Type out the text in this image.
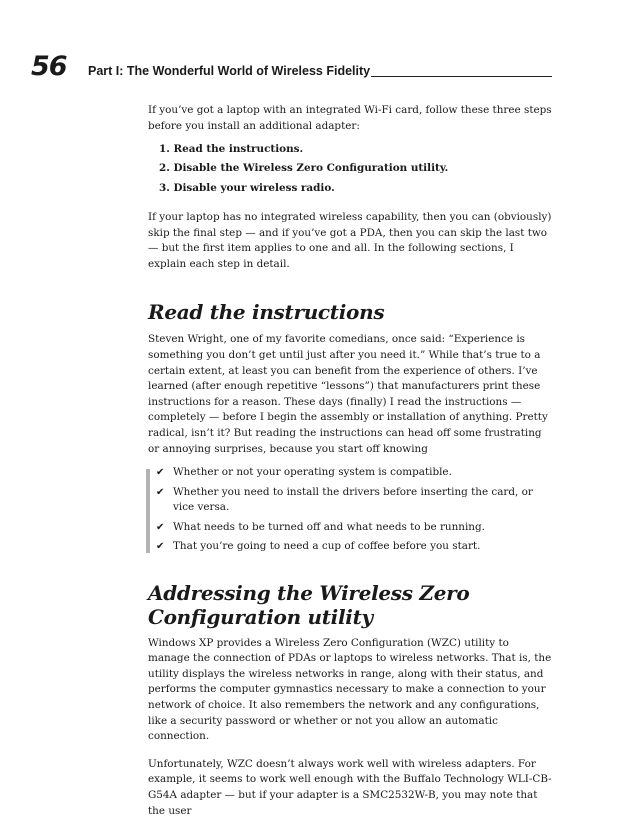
56 Part I: The Wonderful World of Wireless Fidelity

If you’ve got a laptop with an integrated Wi-Fi card, follow these three steps before you install an additional adapter:

1. Read the instructions.
2. Disable the Wireless Zero Configuration utility.
3. Disable your wireless radio.

If your laptop has no integrated wireless capability, then you can (obviously) skip the final step — and if you’ve got a PDA, then you can skip the last two — but the first item applies to one and all. In the following sections, I explain each step in detail.

Read the instructions

Steven Wright, one of my favorite comedians, once said: “Experience is something you don’t get until just after you need it.” While that’s true to a certain extent, at least you can benefit from the experience of others. I’ve learned (after enough repetitive “lessons”) that manufacturers print these instructions for a reason. These days (finally) I read the instructions — completely — before I begin the assembly or installation of anything. Pretty radical, isn’t it? But reading the instructions can head off some frustrating or annoying surprises, because you start off knowing

✔ Whether or not your operating system is compatible.
✔ Whether you need to install the drivers before inserting the card, or vice versa.
✔ What needs to be turned off and what needs to be running.
✔ That you’re going to need a cup of coffee before you start.
Addressing the Wireless Zero
Configuration utility

Windows XP provides a Wireless Zero Configuration (WZC) utility to manage the connection of PDAs or laptops to wireless networks. That is, the utility displays the wireless networks in range, along with their status, and performs the computer gymnastics necessary to make a connection to your network of choice. It also remembers the network and any configurations, like a security password or whether or not you allow an automatic connection.

Unfortunately, WZC doesn’t always work well with wireless adapters. For example, it seems to work well enough with the Buffalo Technology WLI-CB-G54A adapter — but if your adapter is a SMC2532W-B, you may note that the user
